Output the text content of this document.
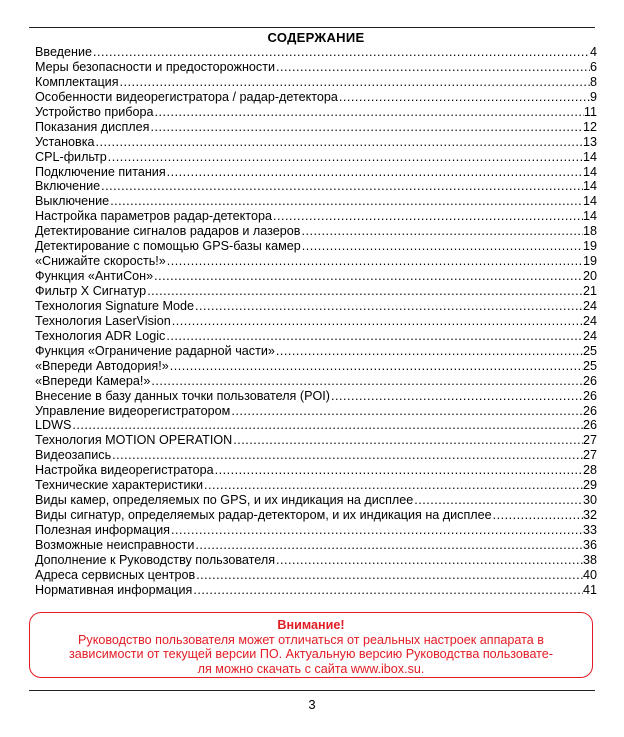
СОДЕРЖАНИЕ
Введение .....	4
Меры безопасности и предосторожности .....	6
Комплектация .....	8
Особенности видеорегистратора / радар-детектора .....	9
Устройство прибора .....	11
Показания дисплея .....	12
Установка .....	13
CPL-фильтр .....	14
Подключение питания .....	14
Включение .....	14
Выключение .....	14
Настройка параметров радар-детектора .....	14
Детектирование сигналов радаров и лазеров .....	18
Детектирование с помощью GPS-базы камер .....	19
«Снижайте скорость!» .....	19
Функция «АнтиСон» .....	20
Фильтр X Сигнатур .....	21
Технология Signature Mode .....	24
Технология LaserVision .....	24
Технология ADR Logic .....	24
Функция «Ограничение радарной части» .....	25
«Впереди Автодория!» .....	25
«Впереди Камера!» .....	26
Внесение в базу данных точки пользователя (POI) .....	26
Управление видеорегистратором .....	26
LDWS .....	26
Технология MOTION OPERATION .....	27
Видеозапись .....	27
Настройка видеорегистратора .....	28
Технические характеристики .....	29
Виды камер, определяемых по GPS, и их индикация на дисплее .....	30
Виды сигнатур, определяемых радар-детектором, и их индикация на дисплее .....	32
Полезная информация .....	33
Возможные неисправности .....	36
Дополнение к Руководству пользователя .....	38
Адреса сервисных центров .....	40
Нормативная информация .....	41
Внимание!
Руководство пользователя может отличаться от реальных настроек аппарата в
зависимости от текущей версии ПО. Актуальную версию Руководства пользовате-
ля можно скачать с сайта www.ibox.su.
3
